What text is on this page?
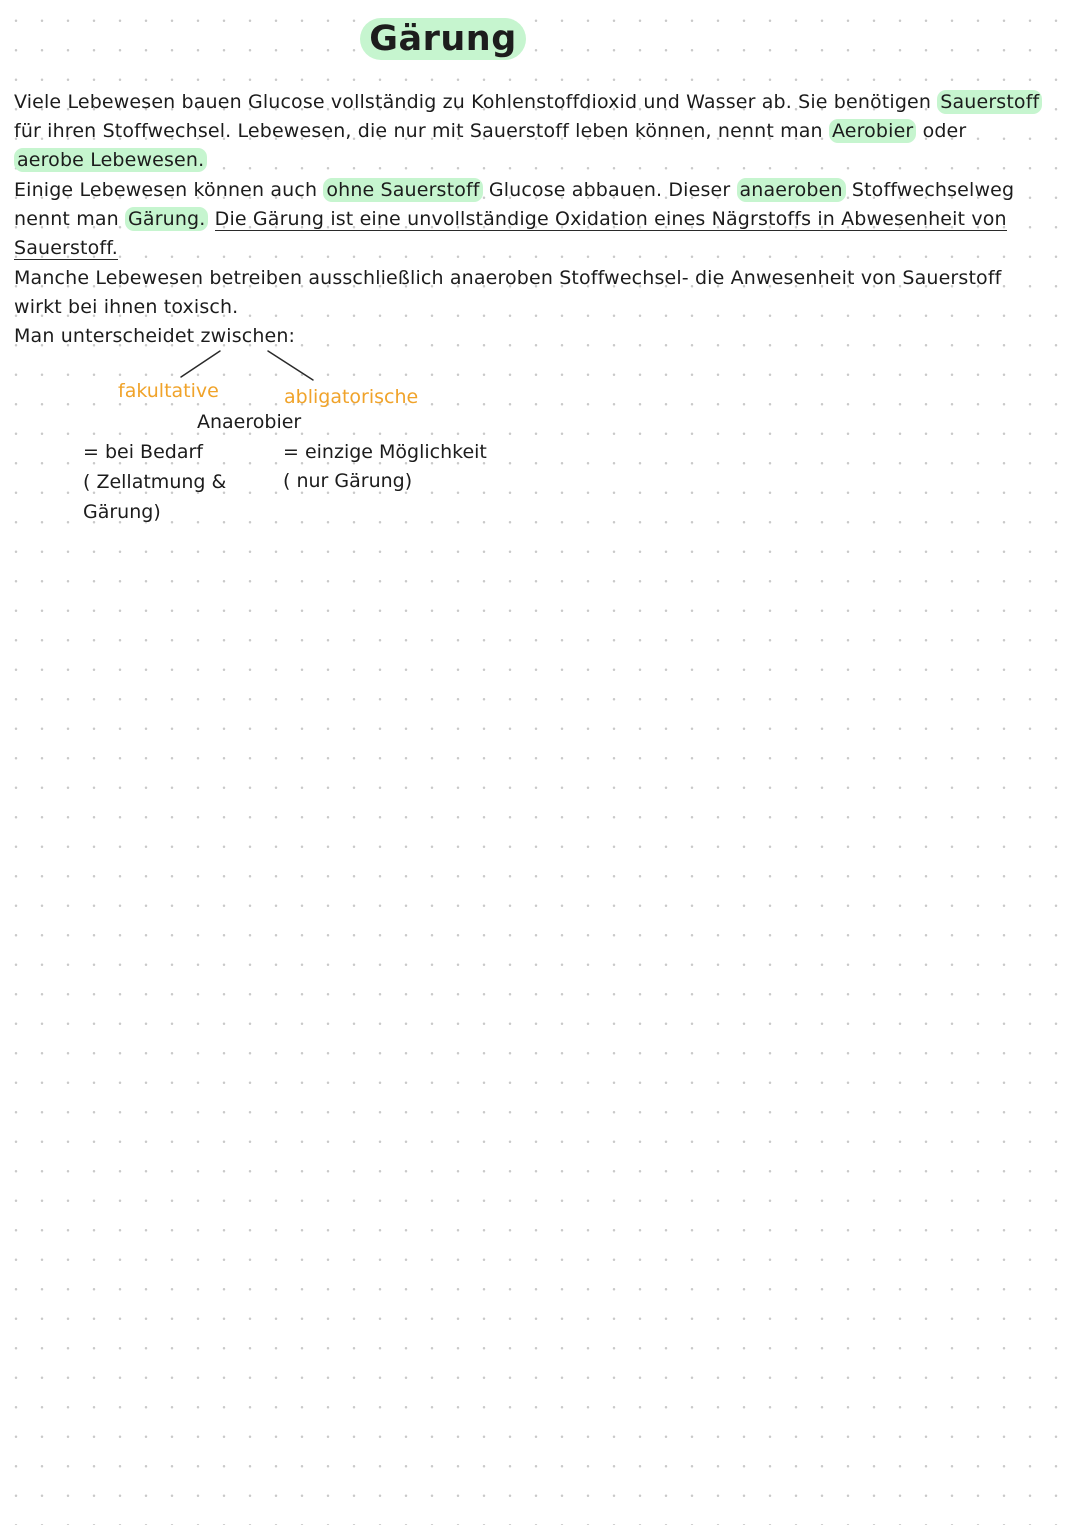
Gärung
Viele Lebewesen bauen Glucose vollständig zu Kohlenstoffdioxid und Wasser ab. Sie benötigen Sauerstoff
für ihren Stoffwechsel. Lebewesen, die nur mit Sauerstoff leben können, nennt man Aerobier oder
aerobe Lebewesen.
Einige Lebewesen können auch ohne Sauerstoff Glucose abbauen. Dieser anaeroben Stoffwechselweg
nennt man Gärung. Die Gärung ist eine unvollständige Oxidation eines Nägrstoffs in Abwesenheit von
Sauerstoff.
Manche Lebewesen betreiben ausschließlich anaeroben Stoffwechsel- die Anwesenheit von Sauerstoff
wirkt bei ihnen toxisch.
Man unterscheidet zwischen:
fakultative	abligatorische
Anaerobier
= bei Bedarf
( Zellatmung &
Gärung)
= einzige Möglichkeit
( nur Gärung)
